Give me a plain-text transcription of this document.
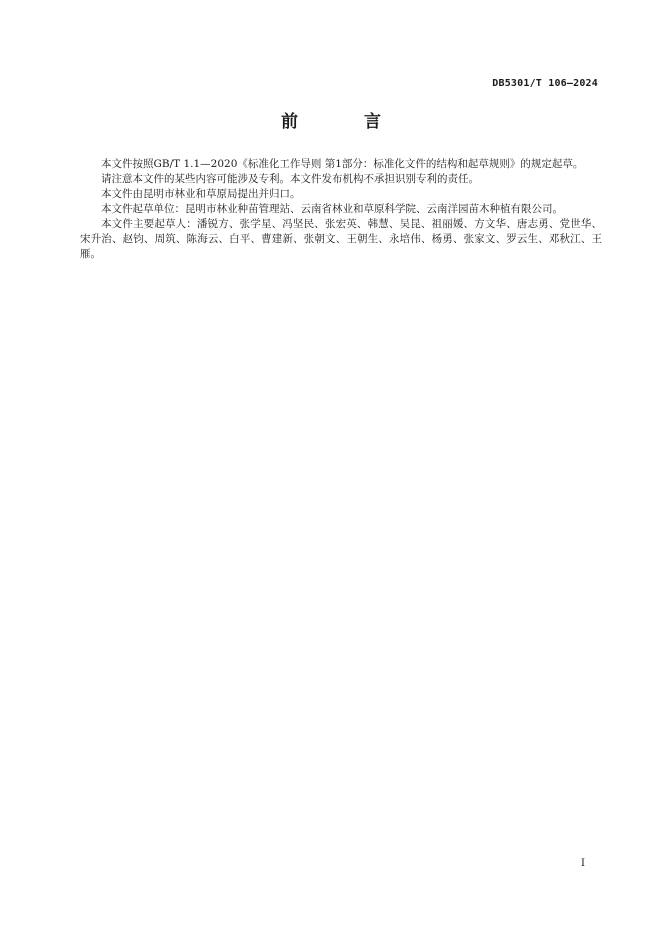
DB5301/T 106—2024
前 言

本文件按照GB/T 1.1—2020《标准化工作导则 第1部分：标准化文件的结构和起草规则》的规定起草。

请注意本文件的某些内容可能涉及专利。本文件发布机构不承担识别专利的责任。

本文件由昆明市林业和草原局提出并归口。

本文件起草单位：昆明市林业种苗管理站、云南省林业和草原科学院、云南洋园苗木种植有限公司。

本文件主要起草人：潘锐方、张学星、冯坚民、张宏英、韩慧、吴昆、祖丽媛、方文华、唐志勇、党世华、宋升治、赵钧、周筑、陈海云、白平、曹建新、张朝文、王朝生、永培伟、杨勇、张家文、罗云生、邓秋江、王雁。

I
